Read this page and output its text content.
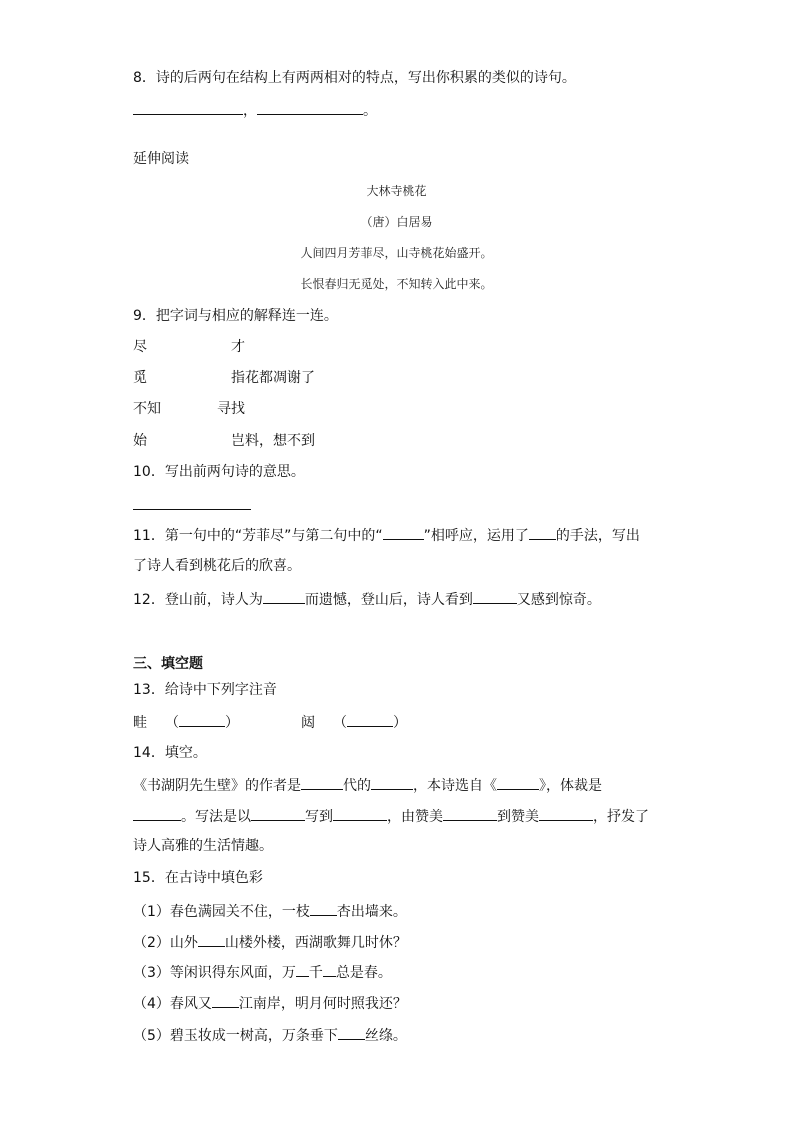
8．诗的后两句在结构上有两两相对的特点，写出你积累的类似的诗句。
，	。
延伸阅读
大林寺桃花
（唐）白居易
人间四月芳菲尽，山寺桃花始盛开。
长恨春归无觅处，不知转入此中来。
9．把字词与相应的解释连一连。
尽	才
觅	指花都凋谢了
不知	寻找
始	岂料，想不到
10．写出前两句诗的意思。
11．第一句中的“芳菲尽”与第二句中的“	”相呼应，运用了 的手法，写出
了诗人看到桃花后的欣喜。
12．登山前，诗人为	而遗憾，登山后，诗人看到	又感到惊奇。
三、填空题
13．给诗中下列字注音
畦 （	）	闼 （	）
14．填空。
《书湖阴先生壁》的作者是	代的	，本诗选自《	》，体裁是
。写法是以	写到	，由赞美	到赞美	，抒发了
诗人高雅的生活情趣。
15．在古诗中填色彩
（1）春色满园关不住，一枝 杏出墙来。
（2）山外 山楼外楼，西湖歌舞几时休？
（3）等闲识得东风面，万 千 总是春。
（4）春风又 江南岸，明月何时照我还？
（5）碧玉妆成一树高，万条垂下 丝绦。
